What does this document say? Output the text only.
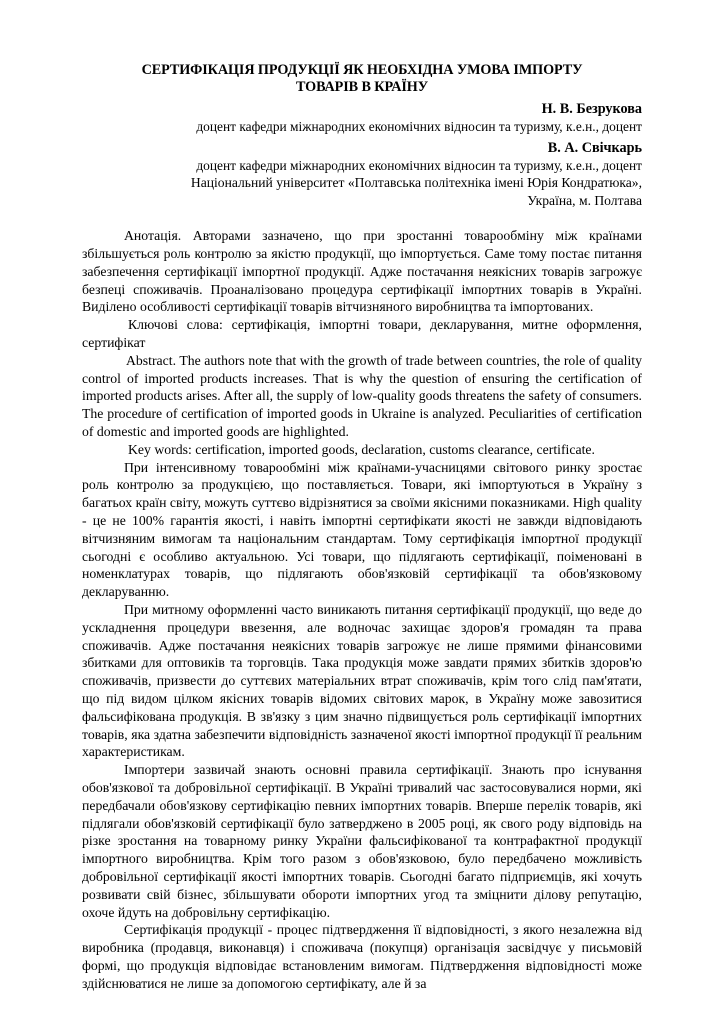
СЕРТИФІКАЦІЯ ПРОДУКЦІЇ ЯК НЕОБХІДНА УМОВА ІМПОРТУ
ТОВАРІВ В КРАЇНУ
Н. В. Безрукова
доцент кафедри міжнародних економічних відносин та туризму, к.е.н., доцент
В. А. Свічкарь
доцент кафедри міжнародних економічних відносин та туризму, к.е.н., доцент
Національний університет «Полтавська політехніка імені Юрія Кондратюка»,
Україна, м. Полтава

Анотація. Авторами зазначено, що при зростанні товарообміну між країнами збільшується роль контролю за якістю продукції, що імпортується. Саме тому постає питання забезпечення сертифікації імпортної продукції. Адже постачання неякісних товарів загрожує безпеці споживачів. Проаналізовано процедура сертифікації імпортних товарів в Україні. Виділено особливості сертифікації товарів вітчизняного виробництва та імпортованих.

Ключові слова: сертифікація, імпортні товари, декларування, митне оформлення, сертифікат

Abstract. The authors note that with the growth of trade between countries, the role of quality control of imported products increases. That is why the question of ensuring the certification of imported products arises. After all, the supply of low-quality goods threatens the safety of consumers. The procedure of certification of imported goods in Ukraine is analyzed. Peculiarities of certification of domestic and imported goods are highlighted.

Key words: certification, imported goods, declaration, customs clearance, certificate.

При інтенсивному товарообміні між країнами-учасницями світового ринку зростає роль контролю за продукцією, що поставляється. Товари, які імпортуються в Україну з багатьох країн світу, можуть суттєво відрізнятися за своїми якісними показниками. High quality - це не 100% гарантія якості, і навіть імпортні сертифікати якості не завжди відповідають вітчизняним вимогам та національним стандартам. Тому сертифікація імпортної продукції сьогодні є особливо актуальною. Усі товари, що підлягають сертифікації, поіменовані в номенклатурах товарів, що підлягають обов'язковій сертифікації та обов'язковому декларуванню.

При митному оформленні часто виникають питання сертифікації продукції, що веде до ускладнення процедури ввезення, але водночас захищає здоров'я громадян та права споживачів. Адже постачання неякісних товарів загрожує не лише прямими фінансовими збитками для оптовиків та торговців. Така продукція може завдати прямих збитків здоров'ю споживачів, призвести до суттєвих матеріальних втрат споживачів, крім того слід пам'ятати, що під видом цілком якісних товарів відомих світових марок, в Україну може завозитися фальсифікована продукція. В зв'язку з цим значно підвищується роль сертифікації імпортних товарів, яка здатна забезпечити відповідність зазначеної якості імпортної продукції її реальним характеристикам.

Імпортери зазвичай знають основні правила сертифікації. Знають про існування обов'язкової та добровільної сертифікації. В Україні тривалий час застосовувалися норми, які передбачали обов'язкову сертифікацію певних імпортних товарів. Вперше перелік товарів, які підлягали обов'язковій сертифікації було затверджено в 2005 році, як свого роду відповідь на різке зростання на товарному ринку України фальсифікованої та контрафактної продукції імпортного виробництва. Крім того разом з обов'язковою, було передбачено можливість добровільної сертифікації якості імпортних товарів. Сьогодні багато підприємців, які хочуть розвивати свій бізнес, збільшувати обороти імпортних угод та зміцнити ділову репутацію, охоче йдуть на добровільну сертифікацію.

Сертифікація продукції - процес підтвердження її відповідності, з якого незалежна від виробника (продавця, виконавця) і споживача (покупця) організація засвідчує у письмовій формі, що продукція відповідає встановленим вимогам. Підтвердження відповідності може здійснюватися не лише за допомогою сертифікату, але й за
